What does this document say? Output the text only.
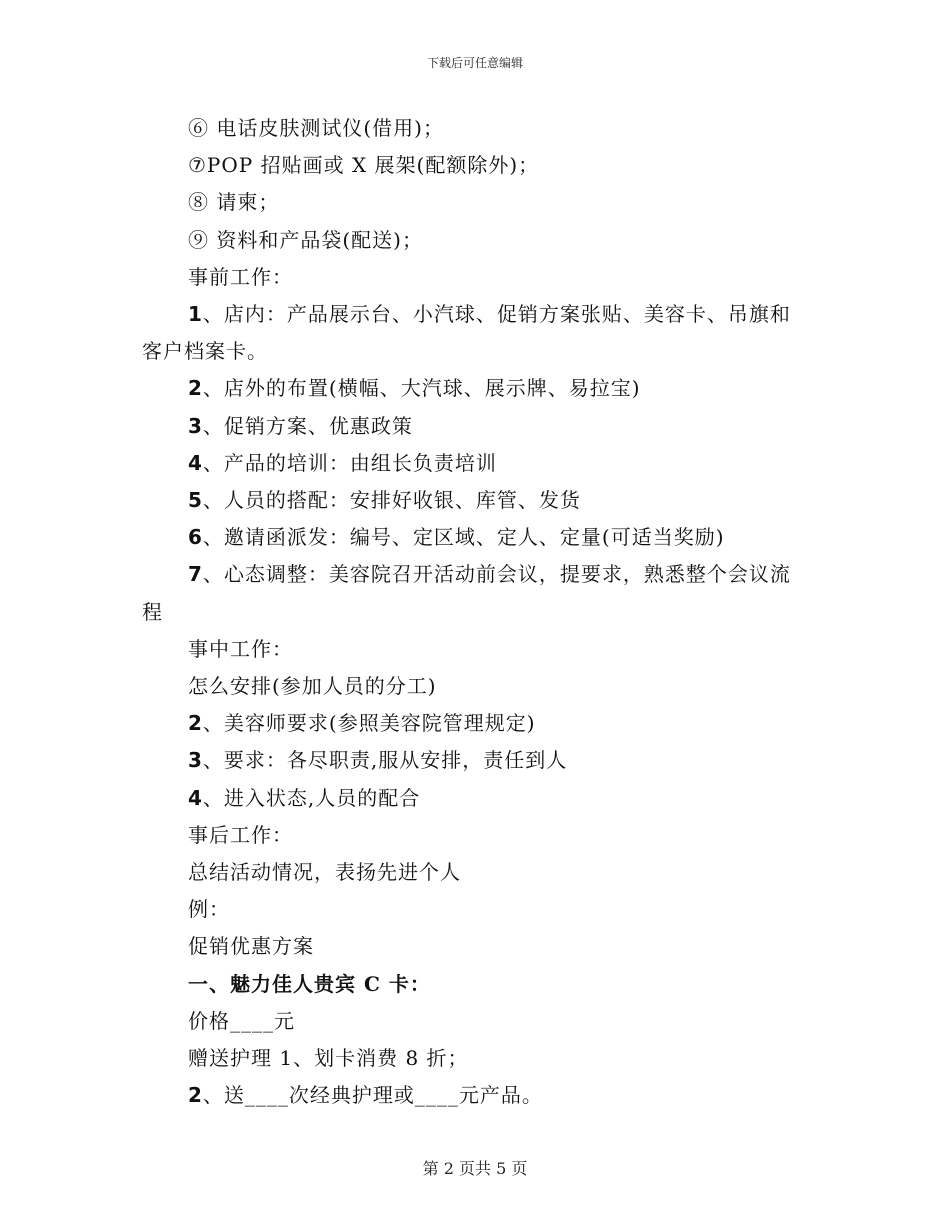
下载后可任意编辑
⑥ 电话皮肤测试仪(借用)；
⑦POP 招贴画或 X 展架(配额除外)；
⑧ 请柬；
⑨ 资料和产品袋(配送)；
事前工作：
1、店内：产品展示台、小汽球、促销方案张贴、美容卡、吊旗和
客户档案卡。
2、店外的布置(横幅、大汽球、展示牌、易拉宝)
3、促销方案、优惠政策
4、产品的培训：由组长负责培训
5、人员的搭配：安排好收银、库管、发货
6、邀请函派发：编号、定区域、定人、定量(可适当奖励)
7、心态调整：美容院召开活动前会议，提要求，熟悉整个会议流
程
事中工作：
怎么安排(参加人员的分工)
2、美容师要求(参照美容院管理规定)
3、要求：各尽职责,服从安排，责任到人
4、进入状态,人员的配合
事后工作：
总结活动情况，表扬先进个人
例：
促销优惠方案
一、魅力佳人贵宾 C 卡：
价格____元
赠送护理 1、划卡消费 8 折；
2、送____次经典护理或____元产品。
第 2 页共 5 页
